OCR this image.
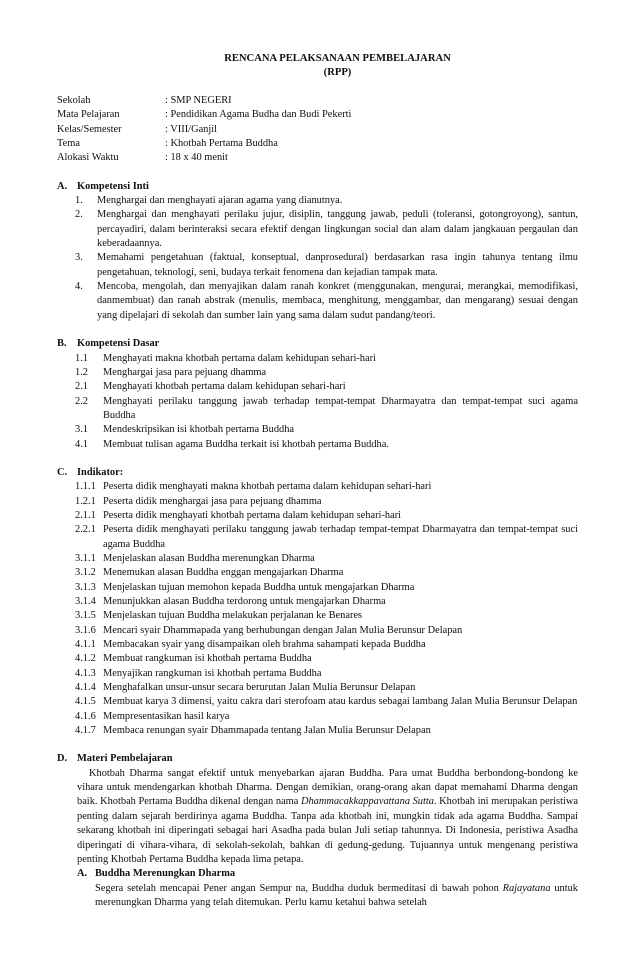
RENCANA PELAKSANAAN PEMBELAJARAN
(RPP)
Sekolah	: SMP NEGERI
Mata Pelajaran	: Pendidikan Agama Budha dan Budi Pekerti
Kelas/Semester	: VIII/Ganjil
Tema	: Khotbah Pertama Buddha
Alokasi Waktu	: 18 x 40 menit
A. Kompetensi Inti
1.	Menghargai dan menghayati ajaran agama yang dianutnya.
2.	Menghargai dan menghayati perilaku jujur, disiplin, tanggung jawab, peduli (toleransi, gotongroyong), santun, percayadiri, dalam berinteraksi secara efektif dengan lingkungan social dan alam dalam jangkauan pergaulan dan keberadaannya.
3.	Memahami pengetahuan (faktual, konseptual, danprosedural) berdasarkan rasa ingin tahunya tentang ilmu pengetahuan, teknologi, seni, budaya terkait fenomena dan kejadian tampak mata.
4.	Mencoba, mengolah, dan menyajikan dalam ranah konkret (menggunakan, mengurai, merangkai, memodifikasi, danmembuat) dan ranah abstrak (menulis, membaca, menghitung, menggambar, dan mengarang) sesuai dengan yang dipelajari di sekolah dan sumber lain yang sama dalam sudut pandang/teori.
B.	Kompetensi Dasar
1.1	Menghayati makna khotbah pertama dalam kehidupan sehari-hari
1.2	Menghargai jasa para pejuang dhamma
2.1	Menghayati khotbah pertama dalam kehidupan sehari-hari
2.2	Menghayati perilaku tanggung jawab terhadap tempat-tempat Dharmayatra dan tempat-tempat suci agama Buddha
3.1	Mendeskripsikan isi khotbah pertama Buddha
4.1	Membuat tulisan agama Buddha terkait isi khotbah pertama Buddha.
C. Indikator:
1.1.1 Peserta didik menghayati makna khotbah pertama dalam kehidupan sehari-hari
1.2.1 Peserta didik menghargai jasa para pejuang dhamma
2.1.1 Peserta didik menghayati khotbah pertama dalam kehidupan sehari-hari
2.2.1 Peserta didik menghayati perilaku tanggung jawab terhadap tempat-tempat Dharmayatra dan tempat-tempat suci agama Buddha
3.1.1 Menjelaskan alasan Buddha merenungkan Dharma
3.1.2 Menemukan alasan Buddha enggan mengajarkan Dharma
3.1.3 Menjelaskan tujuan memohon kepada Buddha untuk mengajarkan Dharma
3.1.4 Menunjukkan alasan Buddha terdorong untuk mengajarkan Dharma
3.1.5 Menjelaskan tujuan Buddha melakukan perjalanan ke Benares
3.1.6 Mencari syair Dhammapada yang berhubungan dengan Jalan Mulia Berunsur Delapan
4.1.1 Membacakan syair yang disampaikan oleh brahma sahampati kepada Buddha
4.1.2 Membuat rangkuman isi khotbah pertama Buddha
4.1.3 Menyajikan rangkuman isi khotbah pertama Buddha
4.1.4 Menghafalkan unsur-unsur secara berurutan Jalan Mulia Berunsur Delapan
4.1.5 Membuat karya 3 dimensi, yaitu cakra dari sterofoam atau kardus sebagai lambang Jalan Mulia Berunsur Delapan
4.1.6 Mempresentasikan hasil karya
4.1.7 Membaca renungan syair Dhammapada tentang Jalan Mulia Berunsur Delapan
D. Materi Pembelajaran
Khotbah Dharma sangat efektif untuk menyebarkan ajaran Buddha. Para umat Buddha berbondong-bondong ke vihara untuk mendengarkan khotbah Dharma. Dengan demikian, orang-orang akan dapat memahami Dharma dengan baik. Khotbah Pertama Buddha dikenal dengan nama Dhammacakkappavattana Sutta. Khotbah ini merupakan peristiwa penting dalam sejarah berdirinya agama Buddha. Tanpa ada khotbah ini, mungkin tidak ada agama Buddha. Sampai sekarang khotbah ini diperingati sebagai hari Asadha pada bulan Juli setiap tahunnya. Di Indonesia, peristiwa Asadha diperingati di vihara-vihara, di sekolah-sekolah, bahkan di gedung-gedung. Tujuannya untuk mengenang peristiwa penting Khotbah Pertama Buddha kepada lima petapa.
A. Buddha Merenungkan Dharma
Segera setelah mencapai Pener angan Sempur na, Buddha duduk bermeditasi di bawah pohon Rajayatana untuk merenungkan Dharma yang telah ditemukan. Perlu kamu ketahui bahwa setelah
